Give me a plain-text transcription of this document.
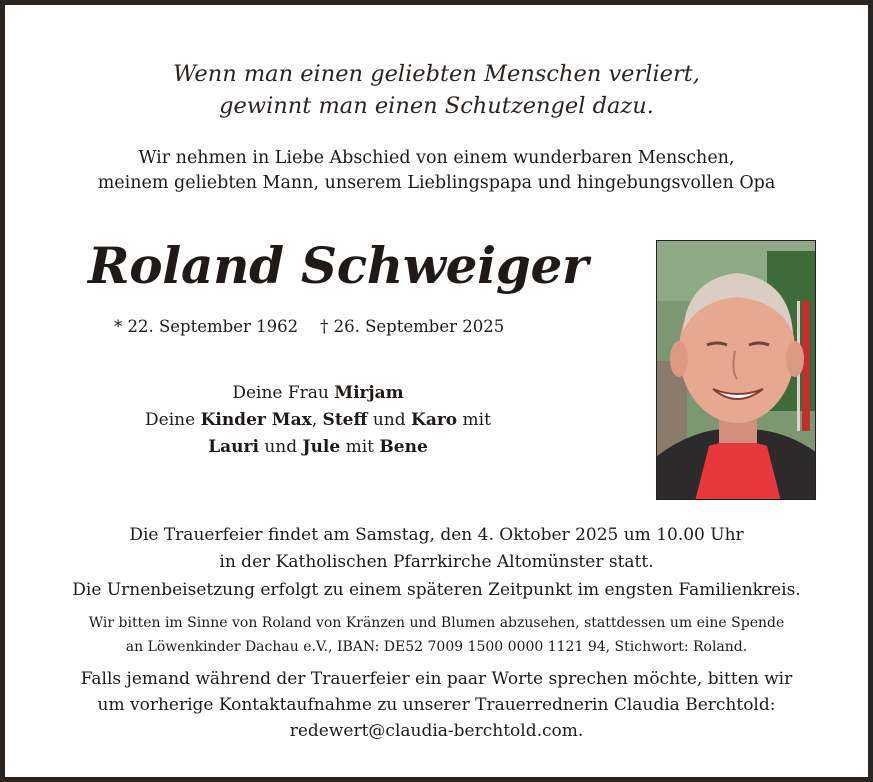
Wenn man einen geliebten Menschen verliert,
gewinnt man einen Schutzengel dazu.
Wir nehmen in Liebe Abschied von einem wunderbaren Menschen,
meinem geliebten Mann, unserem Lieblingspapa und hingebungsvollen Opa
Roland Schweiger
* 22. September 1962 † 26. September 2025
Deine Frau Mirjam
Deine Kinder Max, Steff und Karo mit
Lauri und Jule mit Bene
Die Trauerfeier findet am Samstag, den 4. Oktober 2025 um 10.00 Uhr
in der Katholischen Pfarrkirche Altomünster statt.
Die Urnenbeisetzung erfolgt zu einem späteren Zeitpunkt im engsten Familienkreis.
Wir bitten im Sinne von Roland von Kränzen und Blumen abzusehen, stattdessen um eine Spende
an Löwenkinder Dachau e.V., IBAN: DE52 7009 1500 0000 1121 94, Stichwort: Roland.
Falls jemand während der Trauerfeier ein paar Worte sprechen möchte, bitten wir
um vorherige Kontaktaufnahme zu unserer Trauerrednerin Claudia Berchtold:
redewert@claudia-berchtold.com.
